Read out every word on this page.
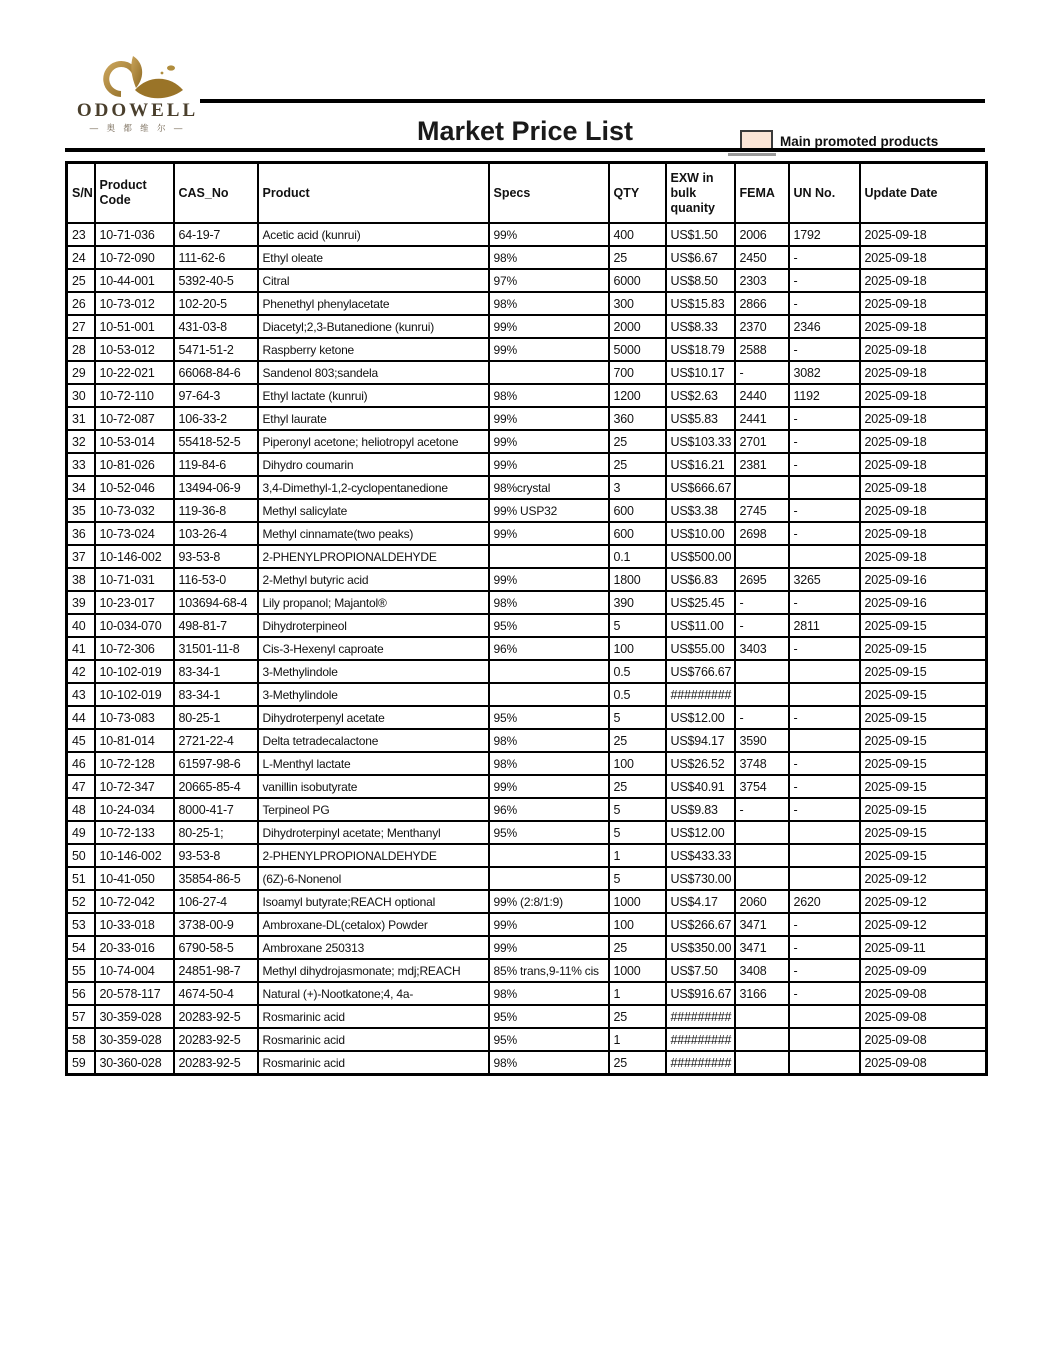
ODOWELL
— 奥 都 维 尔 —	Market Price List	Main promoted products
S/N	Product Code	CAS_No	Product	Specs	QTY	EXW in bulk quanity	FEMA	UN No.	Update Date
23	10-71-036	64-19-7	Acetic acid (kunrui)	99%	400	US$1.50	2006	1792	2025-09-18
24	10-72-090	111-62-6	Ethyl oleate	98%	25	US$6.67	2450	-	2025-09-18
25	10-44-001	5392-40-5	Citral	97%	6000	US$8.50	2303	-	2025-09-18
26	10-73-012	102-20-5	Phenethyl phenylacetate	98%	300	US$15.83	2866	-	2025-09-18
27	10-51-001	431-03-8	Diacetyl;2,3-Butanedione (kunrui)	99%	2000	US$8.33	2370	2346	2025-09-18
28	10-53-012	5471-51-2	Raspberry ketone	99%	5000	US$18.79	2588	-	2025-09-18
29	10-22-021	66068-84-6	Sandenol 803;sandela		700	US$10.17	-	3082	2025-09-18
30	10-72-110	97-64-3	Ethyl lactate (kunrui)	98%	1200	US$2.63	2440	1192	2025-09-18
31	10-72-087	106-33-2	Ethyl laurate	99%	360	US$5.83	2441	-	2025-09-18
32	10-53-014	55418-52-5	Piperonyl acetone; heliotropyl acetone	99%	25	US$103.33	2701	-	2025-09-18
33	10-81-026	119-84-6	Dihydro coumarin	99%	25	US$16.21	2381	-	2025-09-18
34	10-52-046	13494-06-9	3,4-Dimethyl-1,2-cyclopentanedione	98%crystal	3	US$666.67			2025-09-18
35	10-73-032	119-36-8	Methyl salicylate	99% USP32	600	US$3.38	2745	-	2025-09-18
36	10-73-024	103-26-4	Methyl cinnamate(two peaks)	99%	600	US$10.00	2698	-	2025-09-18
37	10-146-002	93-53-8	2-PHENYLPROPIONALDEHYDE		0.1	US$500.00			2025-09-18
38	10-71-031	116-53-0	2-Methyl butyric acid	99%	1800	US$6.83	2695	3265	2025-09-16
39	10-23-017	103694-68-4	Lily propanol; Majantol®	98%	390	US$25.45	-	-	2025-09-16
40	10-034-070	498-81-7	Dihydroterpineol	95%	5	US$11.00	-	2811	2025-09-15
41	10-72-306	31501-11-8	Cis-3-Hexenyl caproate	96%	100	US$55.00	3403	-	2025-09-15
42	10-102-019	83-34-1	3-Methylindole		0.5	US$766.67			2025-09-15
43	10-102-019	83-34-1	3-Methylindole		0.5	#########			2025-09-15
44	10-73-083	80-25-1	Dihydroterpenyl acetate	95%	5	US$12.00	-	-	2025-09-15
45	10-81-014	2721-22-4	Delta tetradecalactone	98%	25	US$94.17	3590		2025-09-15
46	10-72-128	61597-98-6	L-Menthyl lactate	98%	100	US$26.52	3748	-	2025-09-15
47	10-72-347	20665-85-4	vanillin isobutyrate	99%	25	US$40.91	3754	-	2025-09-15
48	10-24-034	8000-41-7	Terpineol PG	96%	5	US$9.83	-	-	2025-09-15
49	10-72-133	80-25-1;	Dihydroterpinyl acetate; Menthanyl	95%	5	US$12.00			2025-09-15
50	10-146-002	93-53-8	2-PHENYLPROPIONALDEHYDE		1	US$433.33			2025-09-15
51	10-41-050	35854-86-5	(6Z)-6-Nonenol		5	US$730.00			2025-09-12
52	10-72-042	106-27-4	Isoamyl butyrate;REACH optional	99% (2:8/1:9)	1000	US$4.17	2060	2620	2025-09-12
53	10-33-018	3738-00-9	Ambroxane-DL(cetalox) Powder	99%	100	US$266.67	3471	-	2025-09-12
54	20-33-016	6790-58-5	Ambroxane 250313	99%	25	US$350.00	3471	-	2025-09-11
55	10-74-004	24851-98-7	Methyl dihydrojasmonate; mdj;REACH	85% trans,9-11% cis	1000	US$7.50	3408	-	2025-09-09
56	20-578-117	4674-50-4	Natural (+)-Nootkatone;4, 4a-	98%	1	US$916.67	3166	-	2025-09-08
57	30-359-028	20283-92-5	Rosmarinic acid	95%	25	#########			2025-09-08
58	30-359-028	20283-92-5	Rosmarinic acid	95%	1	#########			2025-09-08
59	30-360-028	20283-92-5	Rosmarinic acid	98%	25	#########			2025-09-08
